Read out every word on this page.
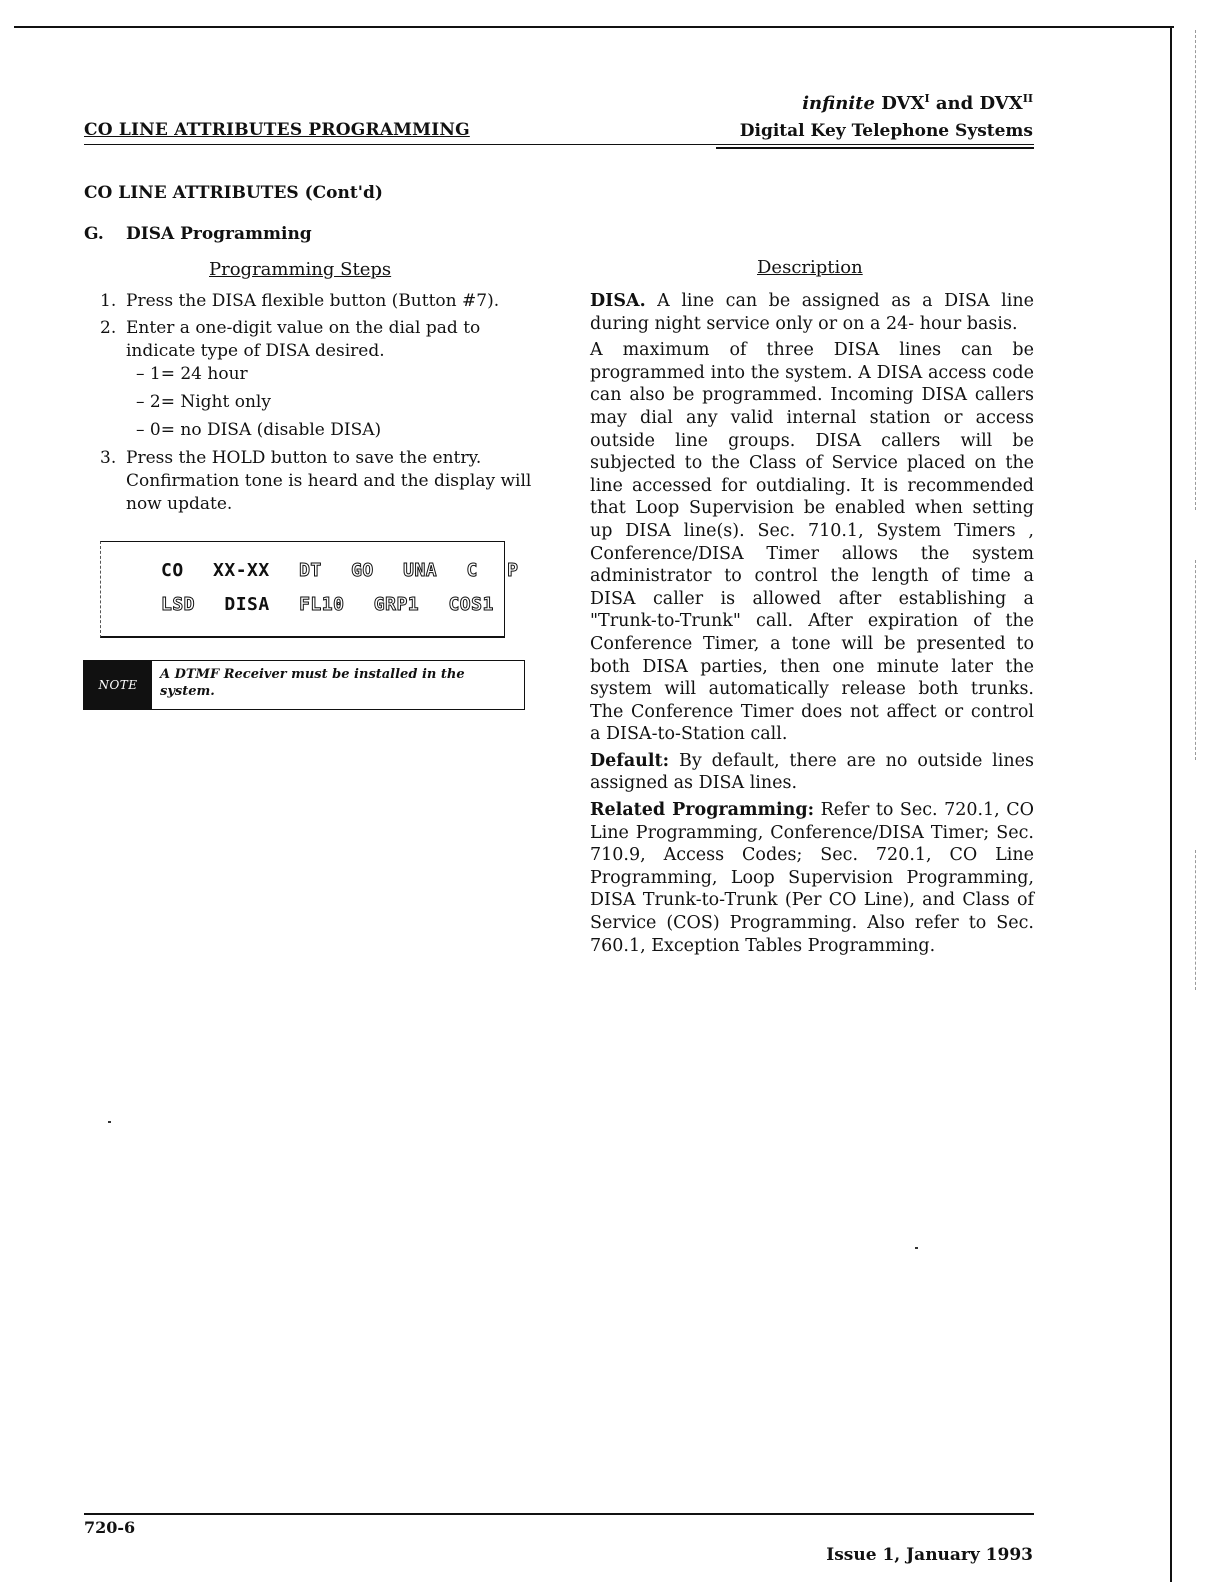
CO LINE ATTRIBUTES PROGRAMMING
infinite $DVX^I$ and $DVX^{II}$
Digital Key Telephone Systems
CO LINE ATTRIBUTES (Cont'd)
G. DISA Programming
Programming Steps	Description
1. Press the DISA flexible button (Button #7).
2. Enter a one-digit value on the dial pad to indicate type of DISA desired.
– 1= 24 hour
– 2= Night only
– 0= no DISA (disable DISA)
3. Press the HOLD button to save the entry. Confirmation tone is heard and the display will now update.
CO XX-XX DT GO UNA C P
LSD DISA FL10 GRP1 COS1
NOTE
A DTMF Receiver must be installed in the system.

DISA. A line can be assigned as a DISA line during night service only or on a 24- hour basis.

A maximum of three DISA lines can be programmed into the system. A DISA access code can also be programmed. Incoming DISA callers may dial any valid internal station or access outside line groups. DISA callers will be subjected to the Class of Service placed on the line accessed for outdialing. It is recommended that Loop Supervision be enabled when setting up DISA line(s). Sec. 710.1, System Timers , Conference/DISA Timer allows the system administrator to control the length of time a DISA caller is allowed after establishing a "Trunk-to-Trunk" call. After expiration of the Conference Timer, a tone will be presented to both DISA parties, then one minute later the system will automatically release both trunks. The Conference Timer does not affect or control a DISA-to-Station call.

Default: By default, there are no outside lines assigned as DISA lines.

Related Programming: Refer to Sec. 720.1, CO Line Programming, Conference/DISA Timer; Sec. 710.9, Access Codes; Sec. 720.1, CO Line Programming, Loop Supervision Programming, DISA Trunk-to-Trunk (Per CO Line), and Class of Service (COS) Programming. Also refer to Sec. 760.1, Exception Tables Programming.

720-6
Issue 1, January 1993
